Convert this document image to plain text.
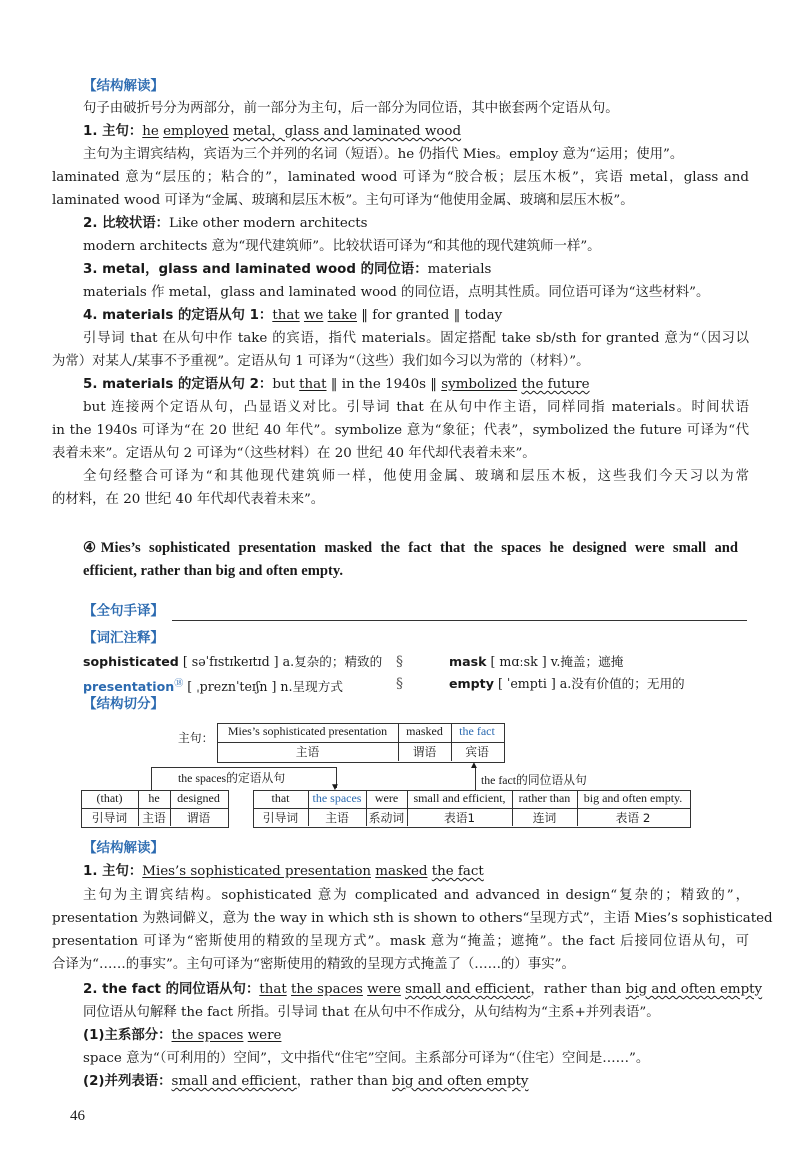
【结构解读】
句子由破折号分为两部分，前一部分为主句，后一部分为同位语，其中嵌套两个定语从句。
1. 主句：he employed metal，glass and laminated wood
主句为主谓宾结构，宾语为三个并列的名词（短语）。he 仍指代 Mies。employ 意为“运用；使用”。
laminated 意为“层压的；粘合的”，laminated wood 可译为“胶合板；层压木板”，宾语 metal，glass and
laminated wood 可译为“金属、玻璃和层压木板”。主句可译为“他使用金属、玻璃和层压木板”。
2. 比较状语：Like other modern architects
modern architects 意为“现代建筑师”。比较状语可译为“和其他的现代建筑师一样”。
3. metal，glass and laminated wood 的同位语：materials
materials 作 metal，glass and laminated wood 的同位语，点明其性质。同位语可译为“这些材料”。
4. materials 的定语从句 1：that we take ‖ for granted ‖ today
引导词 that 在从句中作 take 的宾语，指代 materials。固定搭配 take sb/sth for granted 意为“（因习以
为常）对某人/某事不予重视”。定语从句 1 可译为“（这些）我们如今习以为常的（材料）”。
5. materials 的定语从句 2：but that ‖ in the 1940s ‖ symbolized the future
but 连接两个定语从句，凸显语义对比。引导词 that 在从句中作主语，同样同指 materials。时间状语
in the 1940s 可译为“在 20 世纪 40 年代”。symbolize 意为“象征；代表”，symbolized the future 可译为“代
表着未来”。定语从句 2 可译为“（这些材料）在 20 世纪 40 年代却代表着未来”。
全句经整合可译为“和其他现代建筑师一样，他使用金属、玻璃和层压木板，这些我们今天习以为常
的材料，在 20 世纪 40 年代却代表着未来”。
④Mies’s sophisticated presentation masked the fact that the spaces he designed were small and
efficient, rather than big and often empty.
【全句手译】
【词汇注释】
sophisticated [ səˈfɪstɪkeɪtɪd ] a.复杂的；精致的
presentation⑱ [ ˌpreznˈteɪʃn ] n.呈现方式
§
§
mask [ mɑːsk ] v.掩盖；遮掩
empty [ ˈempti ] a.没有价值的；无用的
【结构切分】
主句：	Mies’s sophisticated presentation
主语
masked
谓语
the fact
宾语
▼
▲
the spaces的定语从句	the fact的同位语从句
(that)
引导词
he
主语
designed
谓语
that
引导词
the spaces
主语
were
系动词
small and efficient,
表语1
rather than
连词
big and often empty.
表语 2
【结构解读】
1. 主句：Mies’s sophisticated presentation masked the fact
主句为主谓宾结构。sophisticated 意为 complicated and advanced in design“复杂的；精致的”，
presentation 为熟词僻义，意为 the way in which sth is shown to others“呈现方式”，主语 Mies’s sophisticated
presentation 可译为“密斯使用的精致的呈现方式”。mask 意为“掩盖；遮掩”。the fact 后接同位语从句，可
合译为“……的事实”。主句可译为“密斯使用的精致的呈现方式掩盖了（……的）事实”。
2. the fact 的同位语从句：that the spaces were small and efficient，rather than big and often empty
同位语从句解释 the fact 所指。引导词 that 在从句中不作成分，从句结构为“主系+并列表语”。
(1)主系部分：the spaces were
space 意为“（可利用的）空间”，文中指代“住宅”空间。主系部分可译为“（住宅）空间是……”。
(2)并列表语：small and efficient，rather than big and often empty
46
